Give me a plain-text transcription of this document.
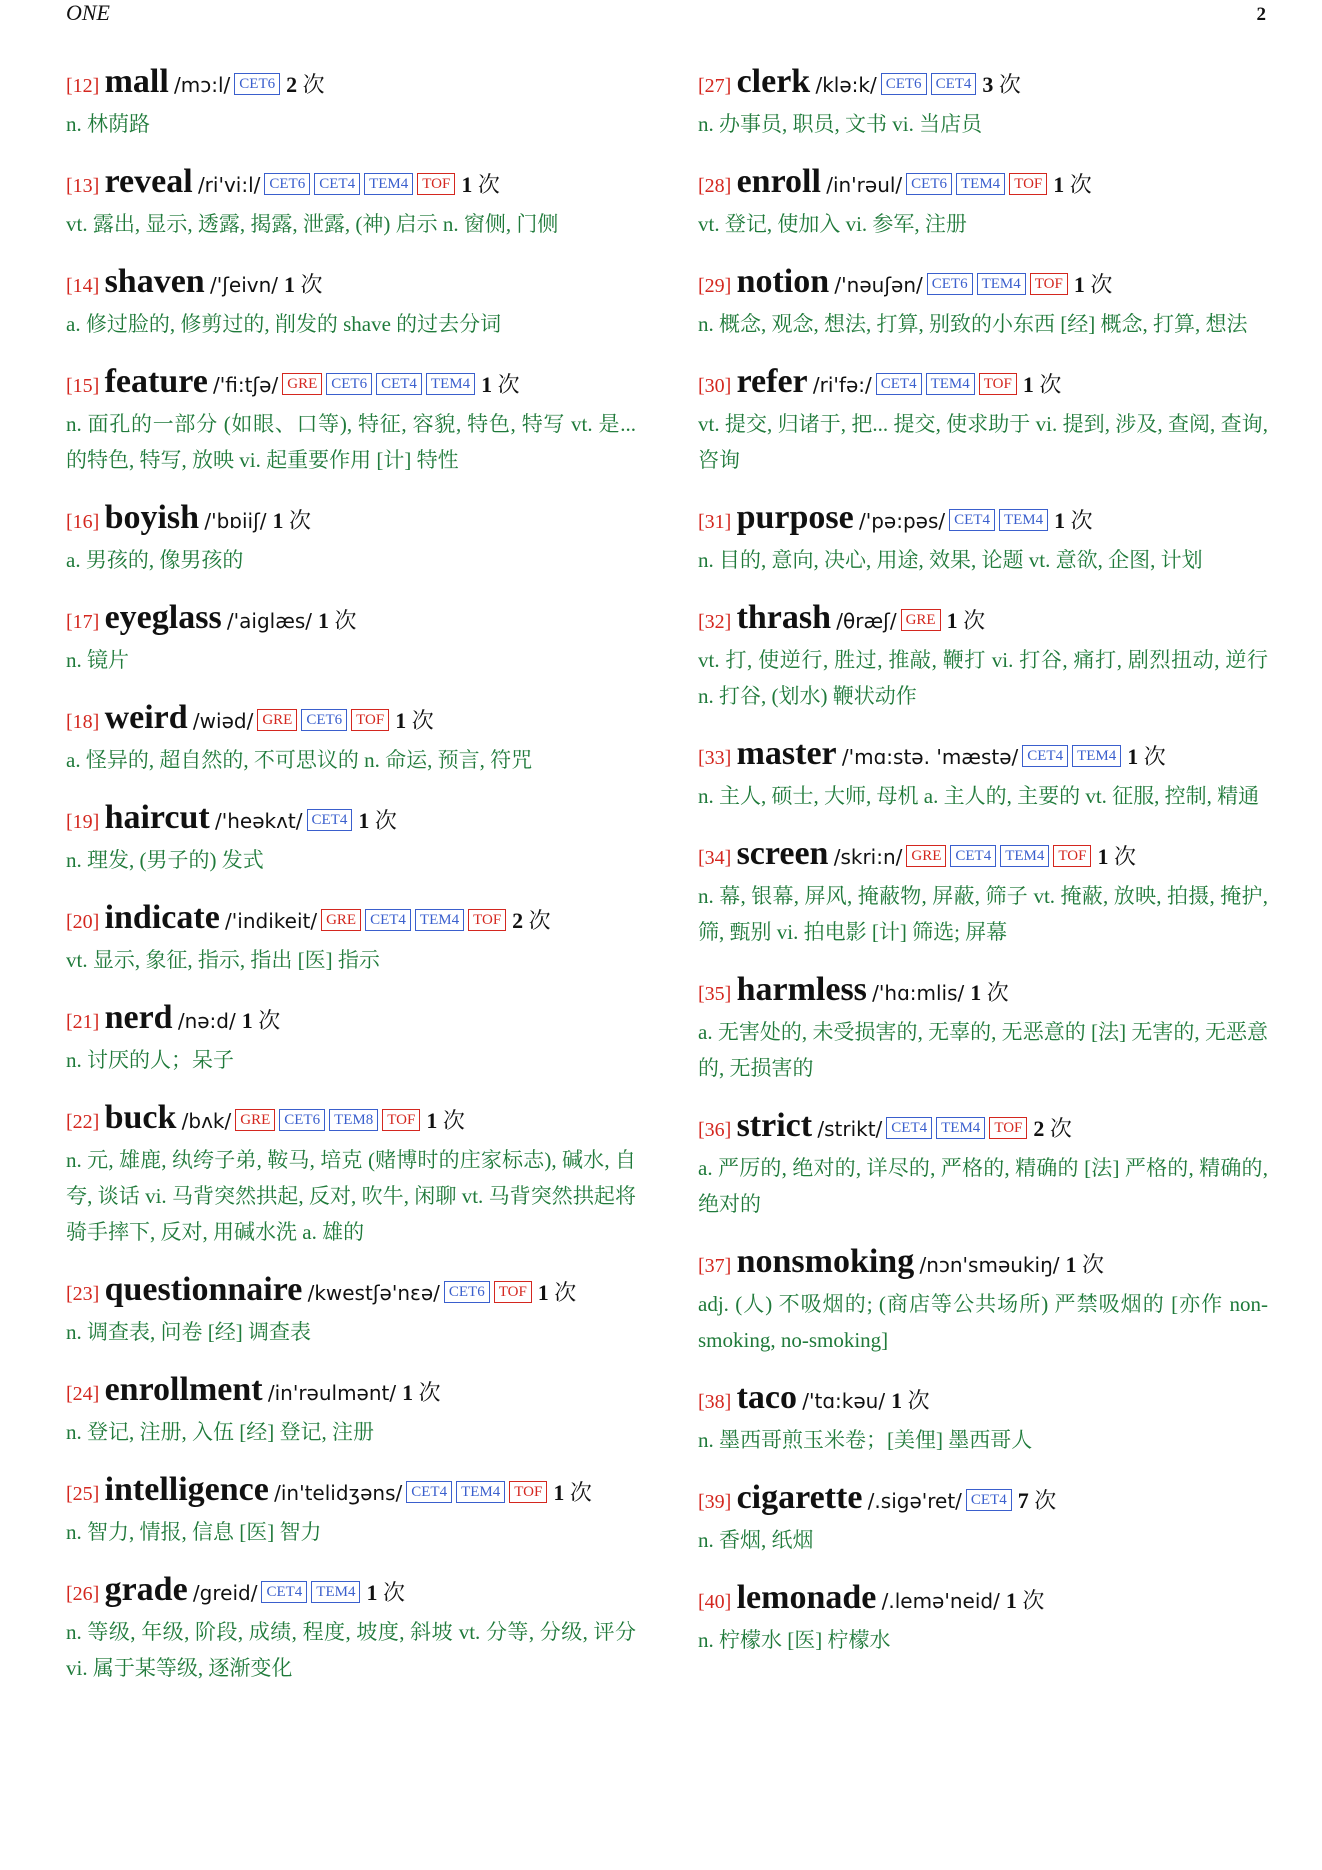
ONE	2
[12] mall /mɔ:l/ CET6 2 次
n. 林荫路
[13] reveal /ri'vi:l/ CET6 CET4 TEM4 TOF 1 次
vt. 露出, 显示, 透露, 揭露, 泄露, (神) 启示 n. 窗侧, 门侧
[14] shaven /'ʃeivn/ 1 次
a. 修过脸的, 修剪过的, 削发的 shave 的过去分词
[15] feature /'fi:tʃə/ GRE CET6 CET4 TEM4 1 次
n. 面孔的一部分 (如眼、口等), 特征, 容貌, 特色, 特写 vt. 是... 的特色, 特写, 放映 vi. 起重要作用 [计] 特性
[16] boyish /'bɒiiʃ/ 1 次
a. 男孩的, 像男孩的
[17] eyeglass /'aiglæs/ 1 次
n. 镜片
[18] weird /wiəd/ GRE CET6 TOF 1 次
a. 怪异的, 超自然的, 不可思议的 n. 命运, 预言, 符咒
[19] haircut /'heəkʌt/ CET4 1 次
n. 理发, (男子的) 发式
[20] indicate /'indikeit/ GRE CET4 TEM4 TOF 2 次
vt. 显示, 象征, 指示, 指出 [医] 指示
[21] nerd /nə:d/ 1 次
n. 讨厌的人；呆子
[22] buck /bʌk/ GRE CET6 TEM8 TOF 1 次
n. 元, 雄鹿, 纨绔子弟, 鞍马, 培克 (赌博时的庄家标志), 碱水, 自夸, 谈话 vi. 马背突然拱起, 反对, 吹牛, 闲聊 vt. 马背突然拱起将骑手摔下, 反对, 用碱水洗 a. 雄的
[23] questionnaire /kwestʃə'nɛə/ CET6 TOF 1 次
n. 调查表, 问卷 [经] 调查表
[24] enrollment /in'rəulmənt/ 1 次
n. 登记, 注册, 入伍 [经] 登记, 注册
[25] intelligence /in'telidʒəns/ CET4 TEM4 TOF 1 次
n. 智力, 情报, 信息 [医] 智力
[26] grade /greid/ CET4 TEM4 1 次
n. 等级, 年级, 阶段, 成绩, 程度, 坡度, 斜坡 vt. 分等, 分级, 评分 vi. 属于某等级, 逐渐变化
[27] clerk /klə:k/ CET6 CET4 3 次
n. 办事员, 职员, 文书 vi. 当店员
[28] enroll /in'rəul/ CET6 TEM4 TOF 1 次
vt. 登记, 使加入 vi. 参军, 注册
[29] notion /'nəuʃən/ CET6 TEM4 TOF 1 次
n. 概念, 观念, 想法, 打算, 别致的小东西 [经] 概念, 打算, 想法
[30] refer /ri'fə:/ CET4 TEM4 TOF 1 次
vt. 提交, 归诸于, 把... 提交, 使求助于 vi. 提到, 涉及, 查阅, 查询, 咨询
[31] purpose /'pə:pəs/ CET4 TEM4 1 次
n. 目的, 意向, 决心, 用途, 效果, 论题 vt. 意欲, 企图, 计划
[32] thrash /θræʃ/ GRE 1 次
vt. 打, 使逆行, 胜过, 推敲, 鞭打 vi. 打谷, 痛打, 剧烈扭动, 逆行 n. 打谷, (划水) 鞭状动作
[33] master /'mɑ:stə. 'mæstə/ CET4 TEM4 1 次
n. 主人, 硕士, 大师, 母机 a. 主人的, 主要的 vt. 征服, 控制, 精通
[34] screen /skri:n/ GRE CET4 TEM4 TOF 1 次
n. 幕, 银幕, 屏风, 掩蔽物, 屏蔽, 筛子 vt. 掩蔽, 放映, 拍摄, 掩护, 筛, 甄别 vi. 拍电影 [计] 筛选; 屏幕
[35] harmless /'hɑ:mlis/ 1 次
a. 无害处的, 未受损害的, 无辜的, 无恶意的 [法] 无害的, 无恶意的, 无损害的
[36] strict /strikt/ CET4 TEM4 TOF 2 次
a. 严厉的, 绝对的, 详尽的, 严格的, 精确的 [法] 严格的, 精确的, 绝对的
[37] nonsmoking /nɔn'sməukiŋ/ 1 次
adj. (人) 不吸烟的; (商店等公共场所) 严禁吸烟的 [亦作 non-smoking, no-smoking]
[38] taco /'tɑ:kəu/ 1 次
n. 墨西哥煎玉米卷；[美俚] 墨西哥人
[39] cigarette /.sigə'ret/ CET4 7 次
n. 香烟, 纸烟
[40] lemonade /.lemə'neid/ 1 次
n. 柠檬水 [医] 柠檬水
